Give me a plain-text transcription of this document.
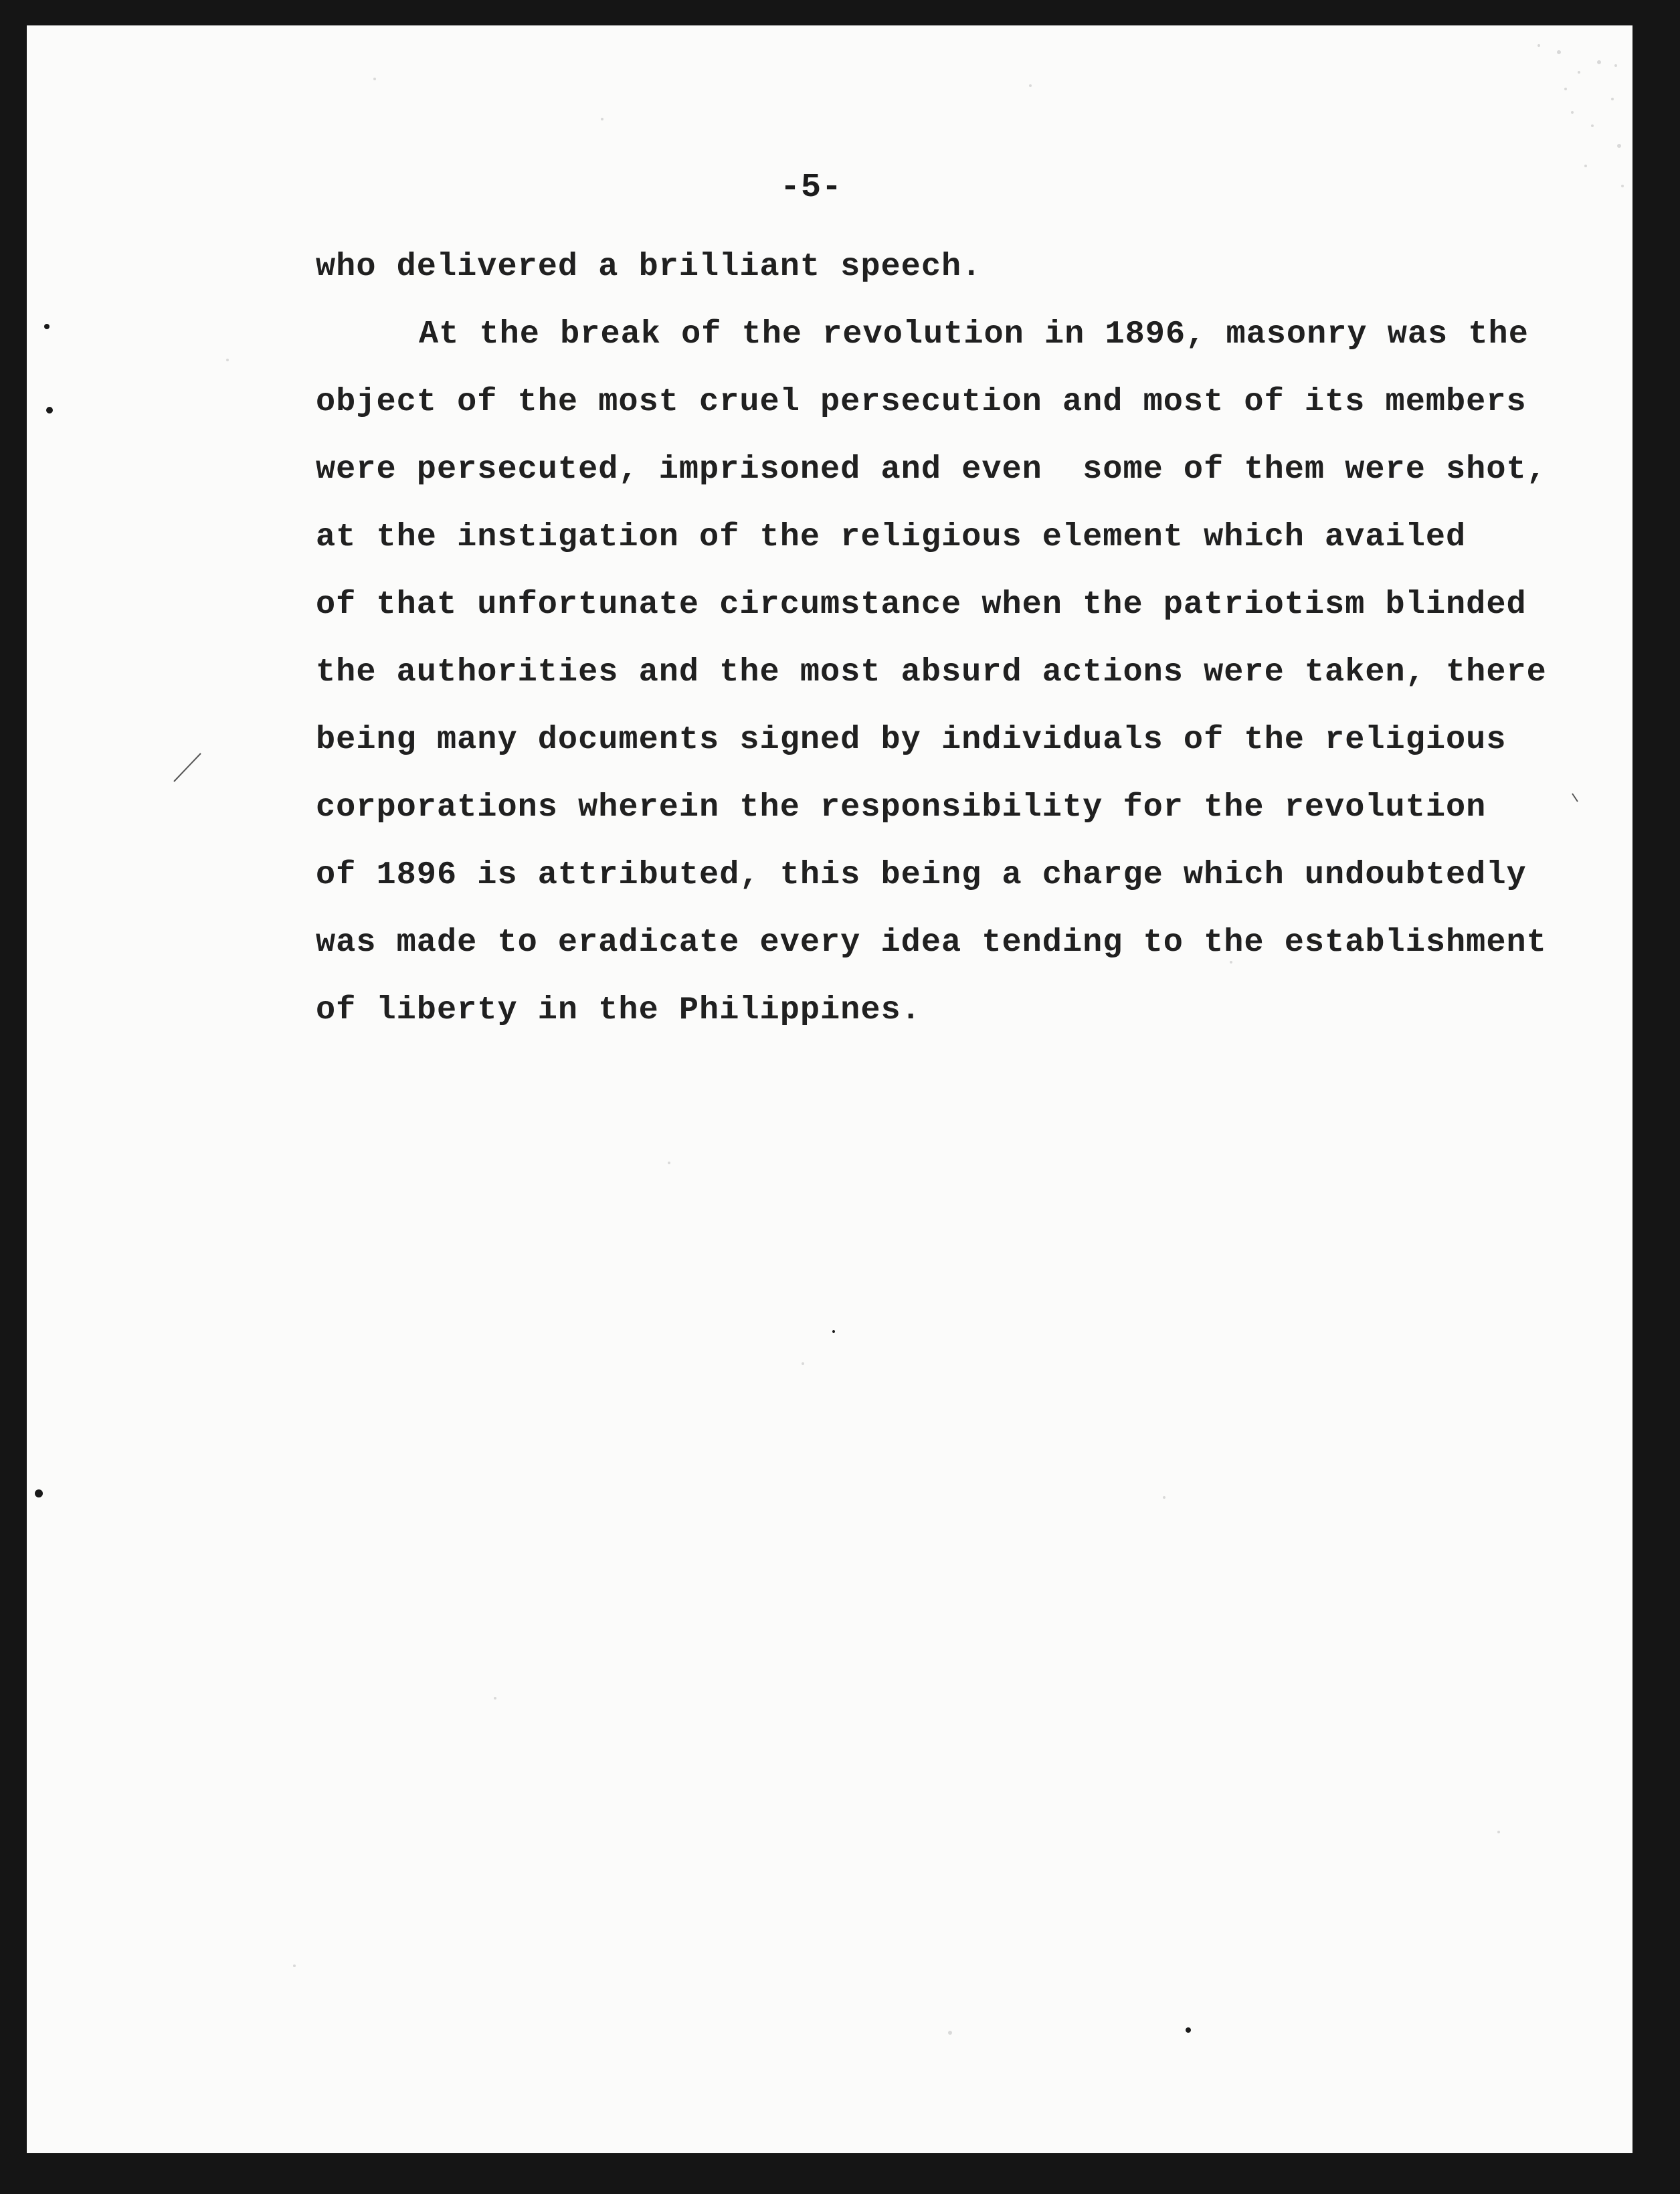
-5-
who delivered a brilliant speech.
At the break of the revolution in 1896, masonry was the
object of the most cruel persecution and most of its members
were persecuted, imprisoned and even  some of them were shot,
at the instigation of the religious element which availed
of that unfortunate circumstance when the patriotism blinded
the authorities and the most absurd actions were taken, there
being many documents signed by individuals of the religious
corporations wherein the responsibility for the revolution
of 1896 is attributed, this being a charge which undoubtedly
was made to eradicate every idea tending to the establishment
of liberty in the Philippines.
